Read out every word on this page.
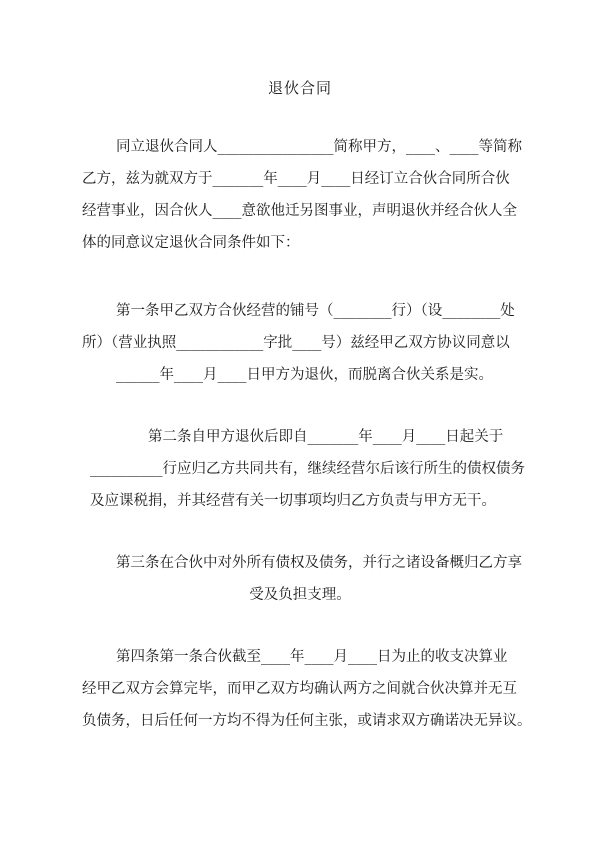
退伙合同

同立退伙合同人________________简称甲方，____、____等简称
乙方，兹为就双方于_______年____月____日经订立合伙合同所合伙
经营事业，因合伙人____意欲他迁另图事业，声明退伙并经合伙人全
体的同意议定退伙合同条件如下：

第一条甲乙双方合伙经营的铺号（________行）（设________处
所）（营业执照____________字批____号）兹经甲乙双方协议同意以
______年____月____日甲方为退伙，而脱离合伙关系是实。

第二条自甲方退伙后即自_______年____月____日起关于
__________行应归乙方共同共有，继续经营尔后该行所生的债权债务
及应课税捐，并其经营有关一切事项均归乙方负责与甲方无干。

第三条在合伙中对外所有债权及债务，并行之诸设备概归乙方享
受及负担支理。

第四条第一条合伙截至____年____月____日为止的收支决算业
经甲乙双方会算完毕，而甲乙双方均确认两方之间就合伙决算并无互
负债务，日后任何一方均不得为任何主张，或请求双方确诺决无异议。
